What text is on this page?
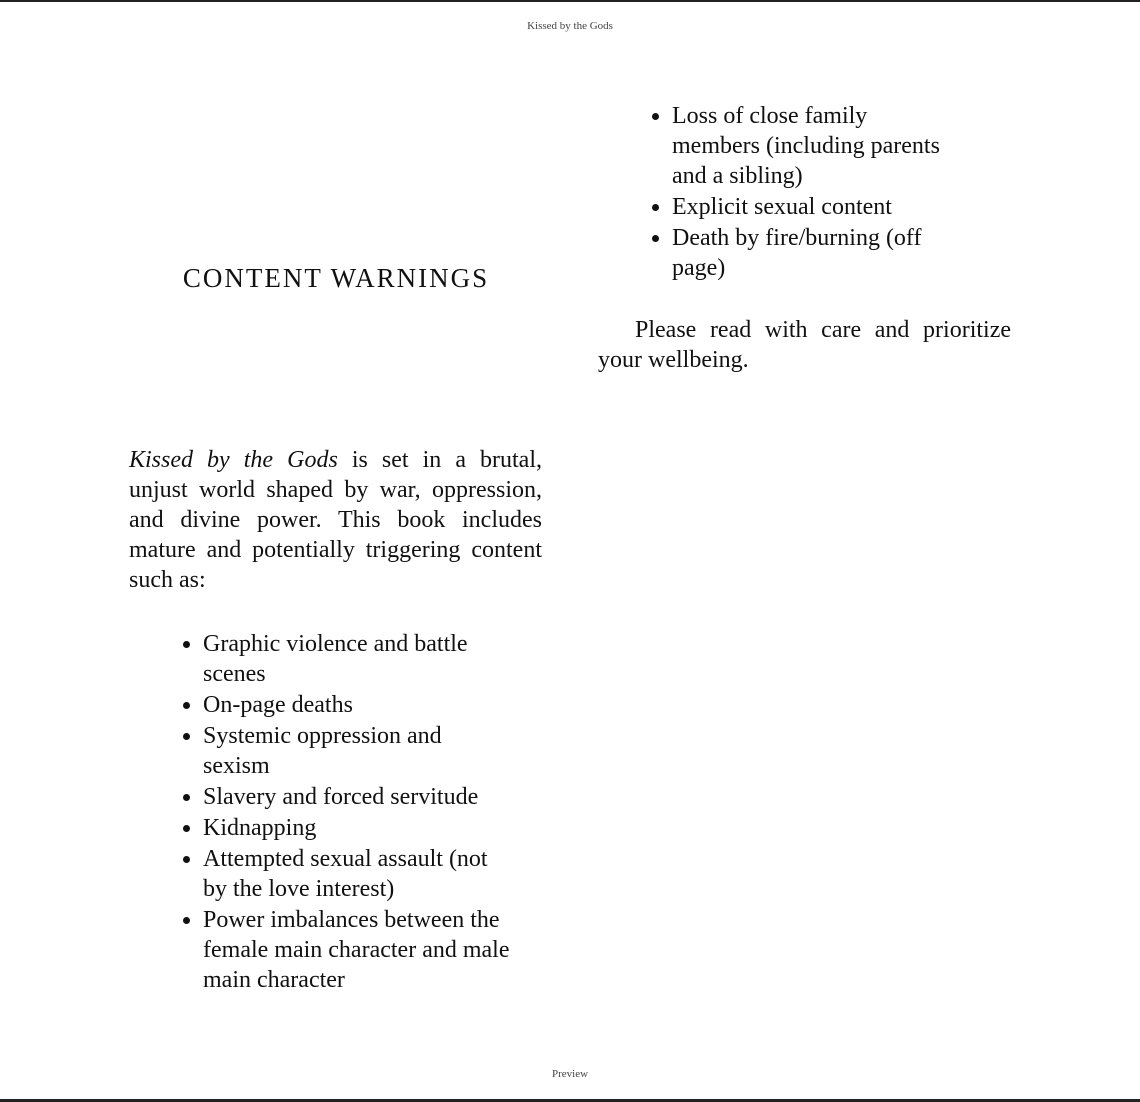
Kissed by the Gods
CONTENT WARNINGS

Kissed by the Gods is set in a brutal, unjust world shaped by war, oppression, and divine power. This book includes mature and potentially triggering content such as:

• Graphic violence and battle scenes
• On-page deaths
• Systemic oppression and sexism
• Slavery and forced servitude
• Kidnapping
• Attempted sexual assault (not by the love interest)
• Power imbalances between the female main character and male main character
• Loss of close family members (including parents and a sibling)
• Explicit sexual content
• Death by fire/burning (off page)

Please read with care and prioritize your wellbeing.

Preview
